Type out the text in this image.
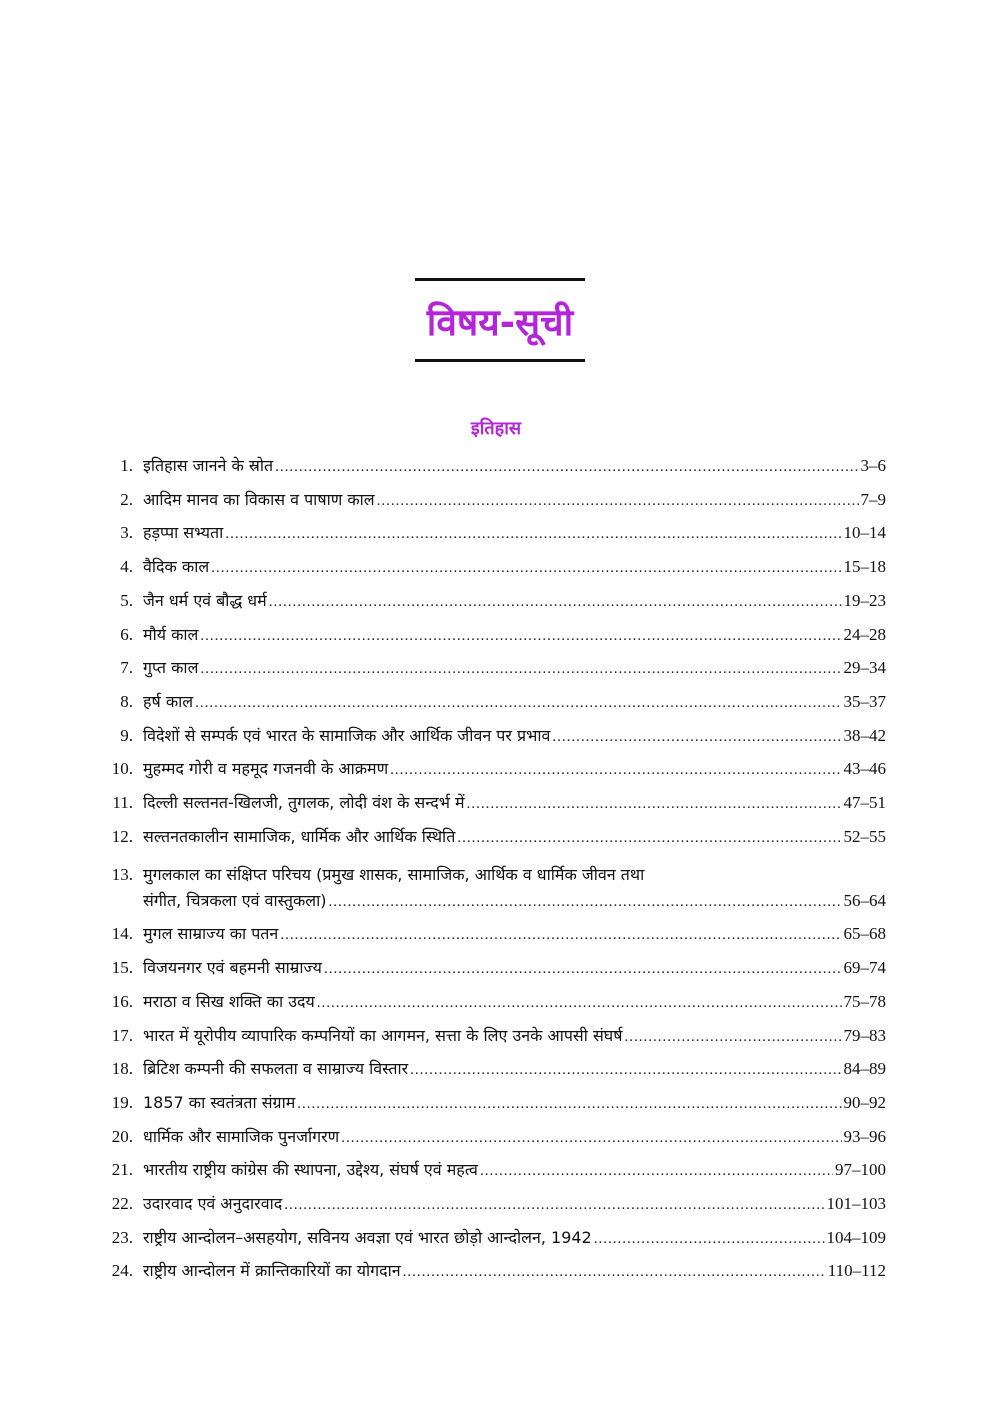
विषय-सूची
इतिहास
1. इतिहास जानने के स्रोत .....	3–6
2. आदिम मानव का विकास व पाषाण काल .....	7–9
3. हड़प्पा सभ्यता .....	10–14
4. वैदिक काल .....	15–18
5. जैन धर्म एवं बौद्ध धर्म .....	19–23
6. मौर्य काल .....	24–28
7. गुप्त काल .....	29–34
8. हर्ष काल .....	35–37
9. विदेशों से सम्पर्क एवं भारत के सामाजिक और आर्थिक जीवन पर प्रभाव .....	38–42
10. मुहम्मद गोरी व महमूद गजनवी के आक्रमण .....	43–46
11. दिल्ली सल्तनत-खिलजी, तुगलक, लोदी वंश के सन्दर्भ में .....	47–51
12. सल्तनतकालीन सामाजिक, धार्मिक और आर्थिक स्थिति .....	52–55
13. मुगलकाल का संक्षिप्त परिचय (प्रमुख शासक, सामाजिक, आर्थिक व धार्मिक जीवन तथा
संगीत, चित्रकला एवं वास्तुकला) .....	56–64
14. मुगल साम्राज्य का पतन .....	65–68
15. विजयनगर एवं बहमनी साम्राज्य .....	69–74
16. मराठा व सिख शक्ति का उदय .....	75–78
17. भारत में यूरोपीय व्यापारिक कम्पनियों का आगमन, सत्ता के लिए उनके आपसी संघर्ष .....	79–83
18. ब्रिटिश कम्पनी की सफलता व साम्राज्य विस्तार .....	84–89
19. 1857 का स्वतंत्रता संग्राम .....	90–92
20. धार्मिक और सामाजिक पुनर्जागरण .....	93–96
21. भारतीय राष्ट्रीय कांग्रेस की स्थापना, उद्देश्य, संघर्ष एवं महत्व .....	97–100
22. उदारवाद एवं अनुदारवाद .....	101–103
23. राष्ट्रीय आन्दोलन–असहयोग, सविनय अवज्ञा एवं भारत छोड़ो आन्दोलन, 1942 .....	104–109
24. राष्ट्रीय आन्दोलन में क्रान्तिकारियों का योगदान .....	110–112
